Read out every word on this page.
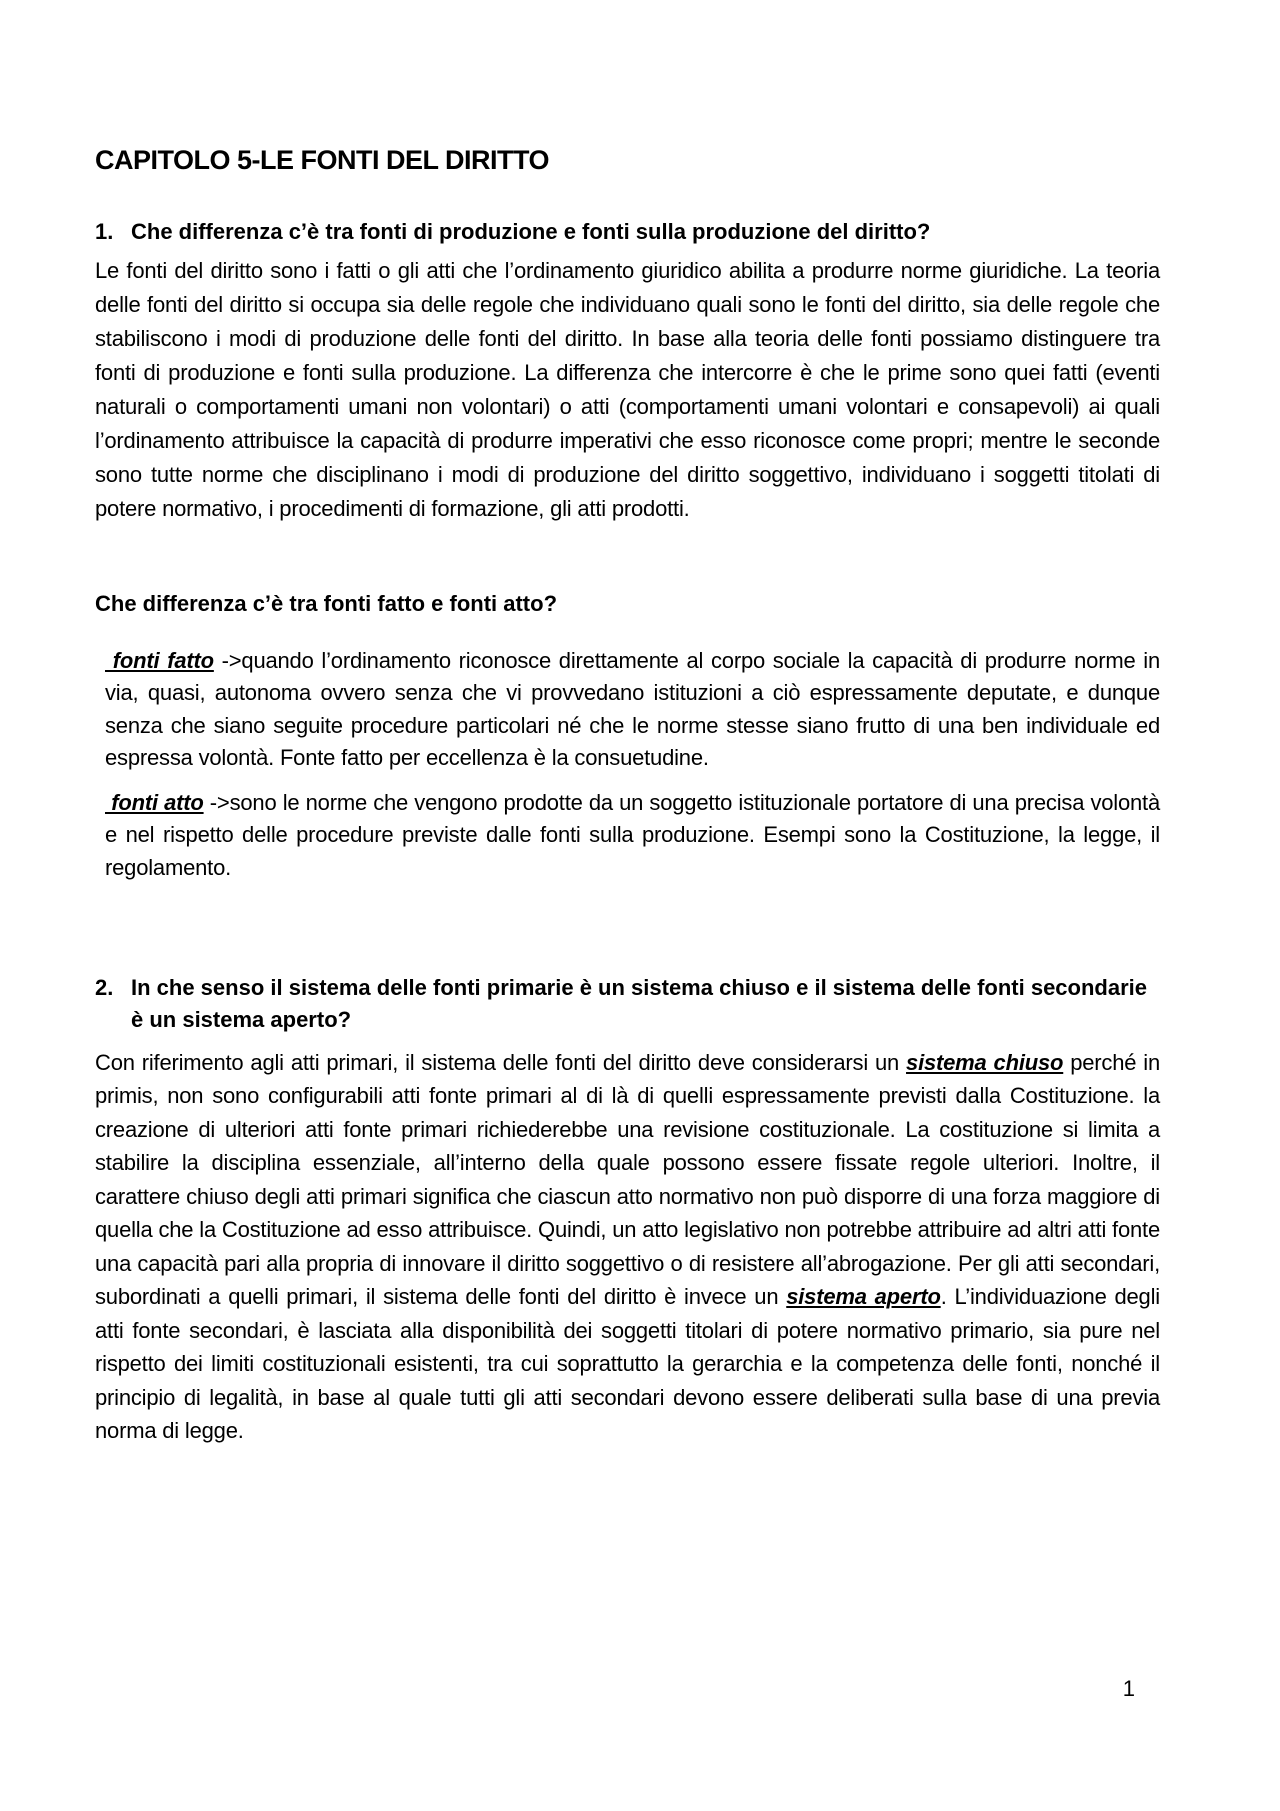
CAPITOLO 5-LE FONTI DEL DIRITTO
1. Che differenza c’è tra fonti di produzione e fonti sulla produzione del diritto?

Le fonti del diritto sono i fatti o gli atti che l’ordinamento giuridico abilita a produrre norme giuridiche. La teoria delle fonti del diritto si occupa sia delle regole che individuano quali sono le fonti del diritto, sia delle regole che stabiliscono i modi di produzione delle fonti del diritto. In base alla teoria delle fonti possiamo distinguere tra fonti di produzione e fonti sulla produzione. La differenza che intercorre è che le prime sono quei fatti (eventi naturali o comportamenti umani non volontari) o atti (comportamenti umani volontari e consapevoli) ai quali l’ordinamento attribuisce la capacità di produrre imperativi che esso riconosce come propri; mentre le seconde sono tutte norme che disciplinano i modi di produzione del diritto soggettivo, individuano i soggetti titolati di potere normativo, i procedimenti di formazione, gli atti prodotti.

Che differenza c’è tra fonti fatto e fonti atto?

fonti fatto ->quando l’ordinamento riconosce direttamente al corpo sociale la capacità di produrre norme in via, quasi, autonoma ovvero senza che vi provvedano istituzioni a ciò espressamente deputate, e dunque senza che siano seguite procedure particolari né che le norme stesse siano frutto di una ben individuale ed espressa volontà. Fonte fatto per eccellenza è la consuetudine.

fonti atto ->sono le norme che vengono prodotte da un soggetto istituzionale portatore di una precisa volontà e nel rispetto delle procedure previste dalle fonti sulla produzione. Esempi sono la Costituzione, la legge, il regolamento.

2. In che senso il sistema delle fonti primarie è un sistema chiuso e il sistema delle fonti secondarie è un sistema aperto?

Con riferimento agli atti primari, il sistema delle fonti del diritto deve considerarsi un sistema chiuso perché in primis, non sono configurabili atti fonte primari al di là di quelli espressamente previsti dalla Costituzione. la creazione di ulteriori atti fonte primari richiederebbe una revisione costituzionale. La costituzione si limita a stabilire la disciplina essenziale, all’interno della quale possono essere fissate regole ulteriori. Inoltre, il carattere chiuso degli atti primari significa che ciascun atto normativo non può disporre di una forza maggiore di quella che la Costituzione ad esso attribuisce. Quindi, un atto legislativo non potrebbe attribuire ad altri atti fonte una capacità pari alla propria di innovare il diritto soggettivo o di resistere all’abrogazione. Per gli atti secondari, subordinati a quelli primari, il sistema delle fonti del diritto è invece un sistema aperto. L’individuazione degli atti fonte secondari, è lasciata alla disponibilità dei soggetti titolari di potere normativo primario, sia pure nel rispetto dei limiti costituzionali esistenti, tra cui soprattutto la gerarchia e la competenza delle fonti, nonché il principio di legalità, in base al quale tutti gli atti secondari devono essere deliberati sulla base di una previa norma di legge.

1
